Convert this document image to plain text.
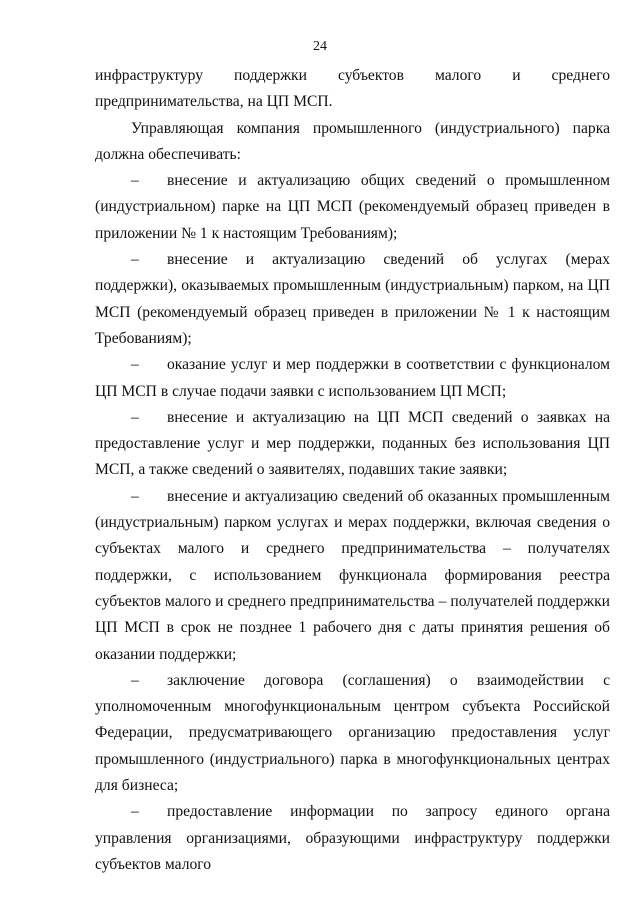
24

инфраструктуру поддержки субъектов малого и среднего предпринимательства, на ЦП МСП.

Управляющая компания промышленного (индустриального) парка должна обеспечивать:

– внесение и актуализацию общих сведений о промышленном (индустриальном) парке на ЦП МСП (рекомендуемый образец приведен в приложении № 1 к настоящим Требованиям);

– внесение и актуализацию сведений об услугах (мерах поддержки), оказываемых промышленным (индустриальным) парком, на ЦП МСП (рекомендуемый образец приведен в приложении № 1 к настоящим Требованиям);

– оказание услуг и мер поддержки в соответствии с функционалом ЦП МСП в случае подачи заявки с использованием ЦП МСП;

– внесение и актуализацию на ЦП МСП сведений о заявках на предоставление услуг и мер поддержки, поданных без использования ЦП МСП, а также сведений о заявителях, подавших такие заявки;

– внесение и актуализацию сведений об оказанных промышленным (индустриальным) парком услугах и мерах поддержки, включая сведения о субъектах малого и среднего предпринимательства – получателях поддержки, с использованием функционала формирования реестра субъектов малого и среднего предпринимательства – получателей поддержки ЦП МСП в срок не позднее 1 рабочего дня с даты принятия решения об оказании поддержки;

– заключение договора (соглашения) о взаимодействии с уполномоченным многофункциональным центром субъекта Российской Федерации, предусматривающего организацию предоставления услуг промышленного (индустриального) парка в многофункциональных центрах для бизнеса;

– предоставление информации по запросу единого органа управления организациями, образующими инфраструктуру поддержки субъектов малого
